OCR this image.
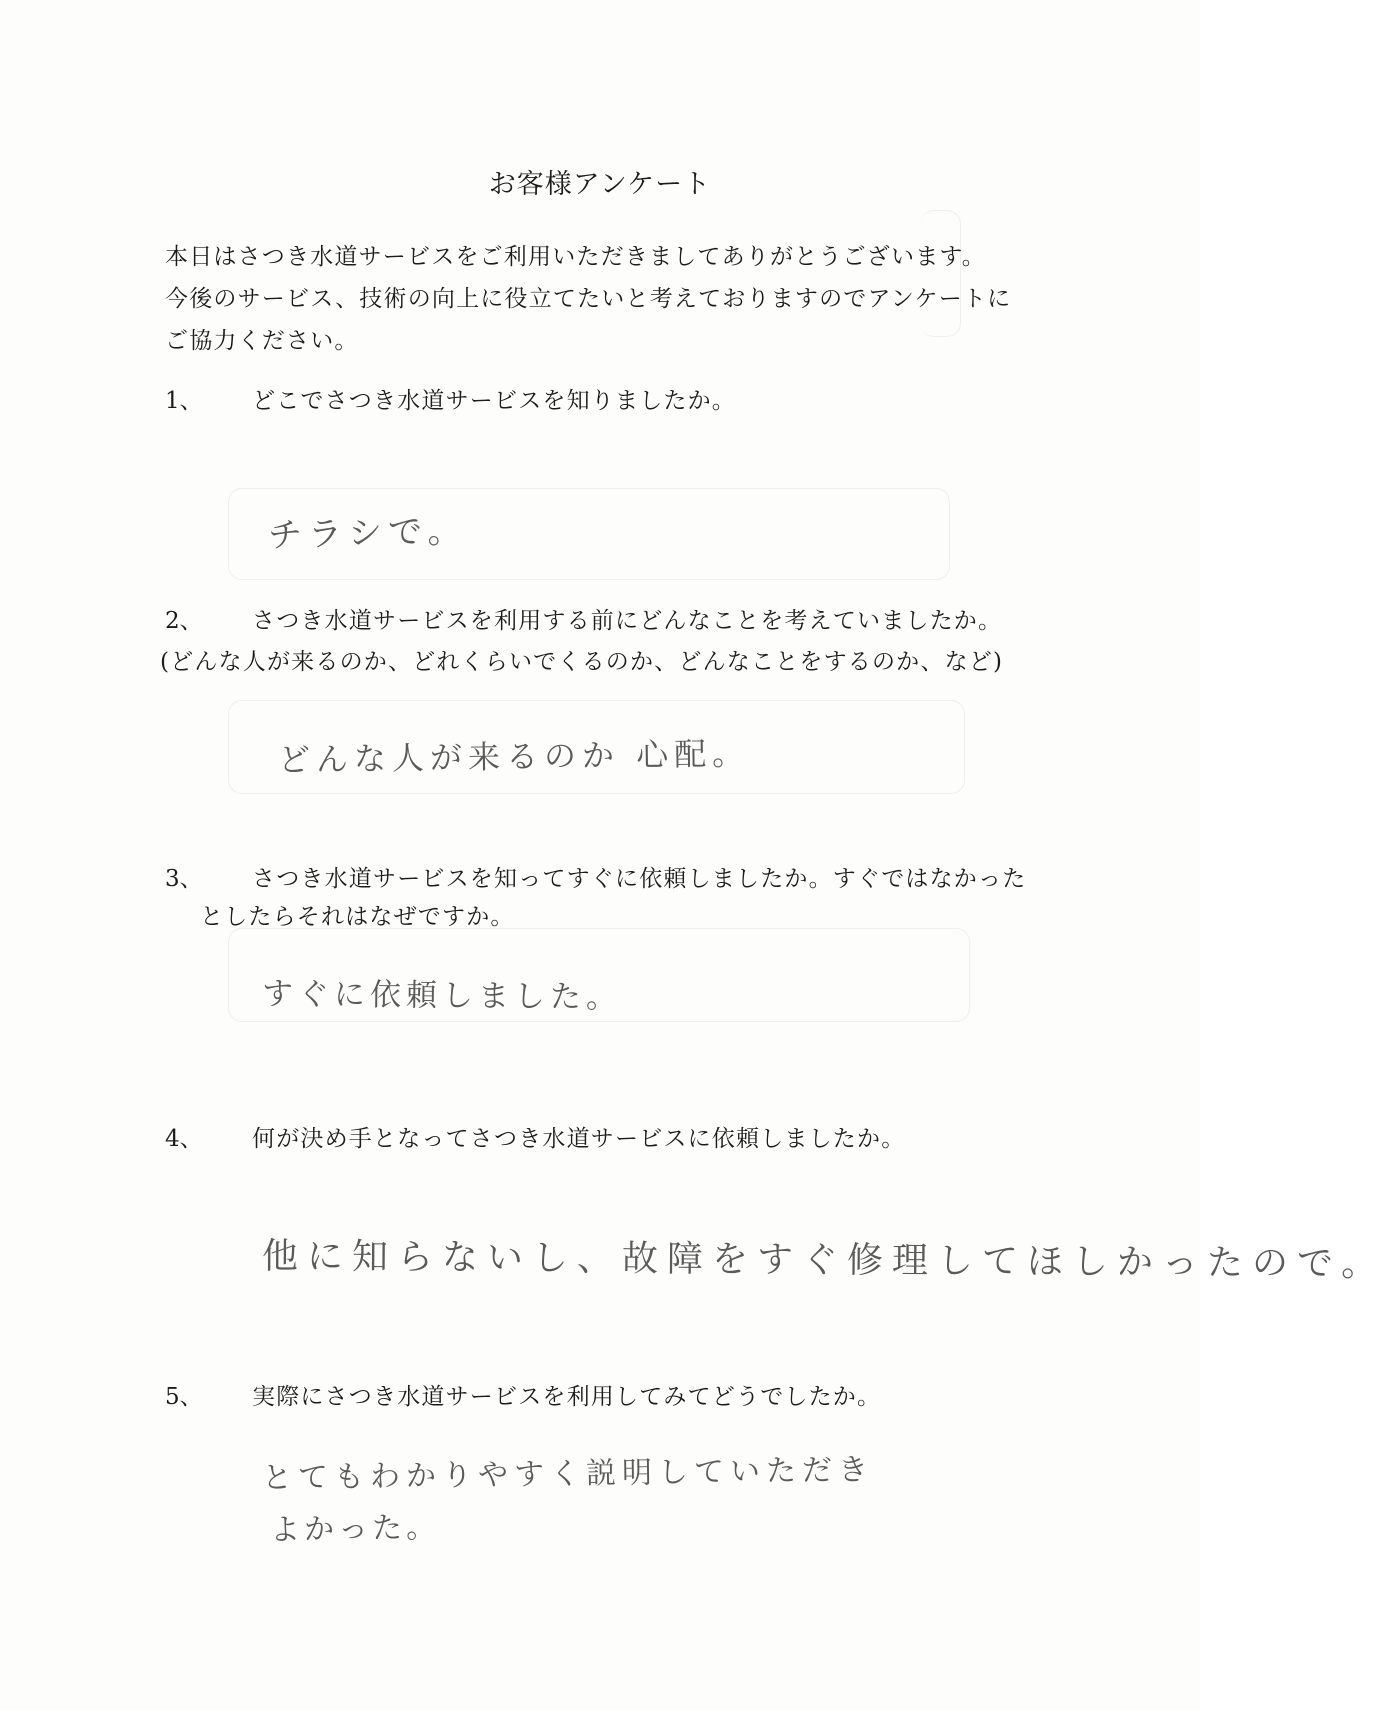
お客様アンケート

本日はさつき水道サービスをご利用いただきましてありがとうございます。

今後のサービス、技術の向上に役立てたいと考えておりますのでアンケートに

ご協力ください。

1、 どこでさつき水道サービスを知りましたか。

チラシで。

2、 さつき水道サービスを利用する前にどんなことを考えていましたか。

(どんな人が来るのか、どれくらいでくるのか、どんなことをするのか、など)

どんな人が来るのか 心配。

3、 さつき水道サービスを知ってすぐに依頼しましたか。すぐではなかった

としたらそれはなぜですか。

すぐに依頼しました。

4、 何が決め手となってさつき水道サービスに依頼しましたか。

他に知らないし、故障をすぐ修理してほしかったので。

5、 実際にさつき水道サービスを利用してみてどうでしたか。

とてもわかりやすく説明していただき

よかった。
